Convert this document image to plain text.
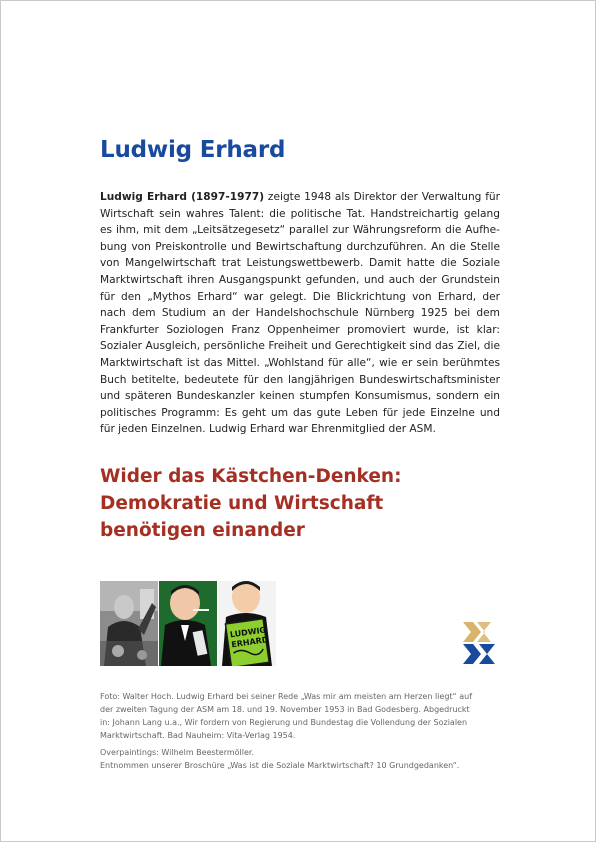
Ludwig Erhard

Ludwig Erhard (1897-1977) zeigte 1948 als Direktor der Verwaltung für Wirtschaft sein wahres Talent: die politische Tat. Handstreichartig gelang es ihm, mit dem „Leitsätzegesetz“ parallel zur Währungsreform die Aufhebung von Preiskontrolle und Bewirtschaftung durchzuführen. An die Stelle von Mangelwirtschaft trat Leistungswettbewerb. Damit hatte die Soziale Marktwirtschaft ihren Ausgangspunkt gefunden, und auch der Grundstein für den „Mythos Erhard“ war gelegt. Die Blickrichtung von Erhard, der nach dem Studium an der Handelshochschule Nürnberg 1925 bei dem Frankfurter Soziologen Franz Oppenheimer promoviert wurde, ist klar: Sozialer Ausgleich, persönliche Freiheit und Gerechtigkeit sind das Ziel, die Marktwirtschaft ist das Mittel. „Wohlstand für alle“, wie er sein berühmtes Buch betitelte, bedeutete für den langjährigen Bundeswirtschaftsminister und späteren Bundeskanzler keinen stumpfen Konsumismus, sondern ein politisches Programm: Es geht um das gute Leben für jede Einzelne und für jeden Einzelnen. Ludwig Erhard war Ehrenmitglied der ASM.

Wider das Kästchen-Denken:
Demokratie und Wirtschaft
benötigen einander
LUDWIG
ERHARD

Foto: Walter Hoch. Ludwig Erhard bei seiner Rede „Was mir am meisten am Herzen liegt“ auf
der zweiten Tagung der ASM am 18. und 19. November 1953 in Bad Godesberg. Abgedruckt
in: Johann Lang u.a., Wir fordern von Regierung und Bundestag die Vollendung der Sozialen
Marktwirtschaft. Bad Nauheim: Vita-Verlag 1954.

Overpaintings: Wilhelm Beestermöller.
Entnommen unserer Broschüre „Was ist die Soziale Marktwirtschaft? 10 Grundgedanken“.
